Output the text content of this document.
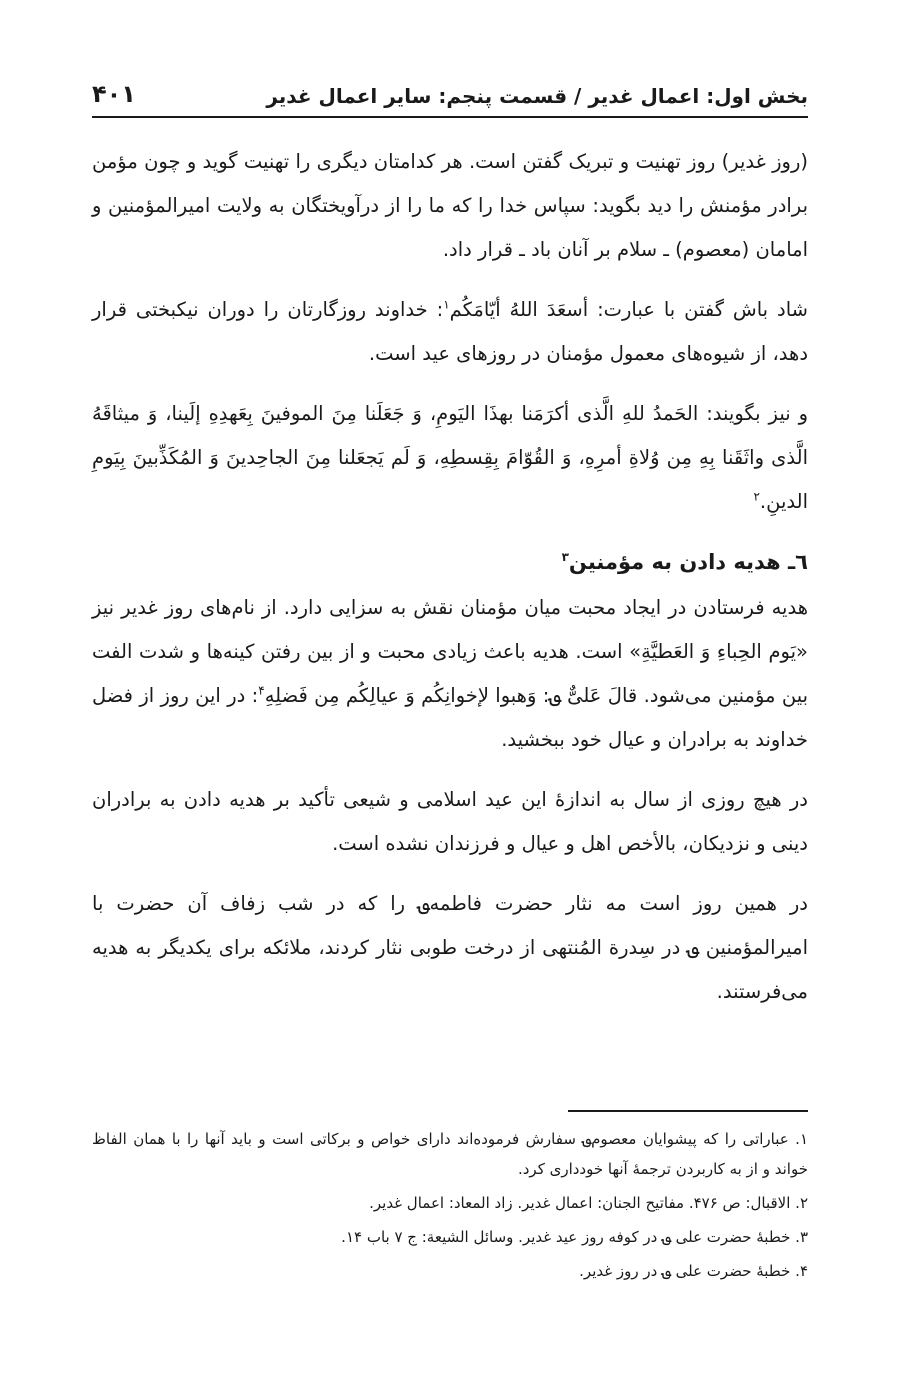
بخش اول: اعمال غدیر / قسمت پنجم: سایر اعمال غدیر
۴۰۱

(روز غدیر) روز تهنیت و تبریک گفتن است. هر کدامتان دیگری را تهنیت گوید و چون مؤمن برادر مؤمنش را دید بگوید: سپاس خدا را که ما را از درآویختگان به ولایت امیرالمؤمنین و امامان (معصوم) ـ سلام بر آنان باد ـ قرار داد.

شاد باش گفتن با عبارت: أسعَدَ اللهُ أیّامَکُم$^۱$: خداوند روزگارتان را دوران نیکبختی قرار دهد، از شیوه‌های معمول مؤمنان در روزهای عید است.

و نیز بگویند: الحَمدُ للهِ الَّذی أکرَمَنا بهذَا الیَومِ، وَ جَعَلَنا مِنَ الموفینَ بِعَهدِهِ إلَینا، وَ میثاقَهُ الَّذی واثَقَنا بِهِ مِن وُلاةِ أمرِهِ، وَ القُوّامَ بِقِسطِهِ، وَ لَم یَجعَلنا مِنَ الجاحِدینَ وَ المُکَذِّبینَ بِیَومِ الدینِ.$^۲$

٦ـ هدیه دادن به مؤمنین$^۳$

هدیه فرستادن در ایجاد محبت میان مؤمنان نقش به سزایی دارد. از نام‌های روز غدیر نیز «یَوم الحِباءِ وَ العَطیَّةِ» است. هدیه باعث زیادی محبت و از بین رفتن کینه‌ها و شدت الفت بین مؤمنین می‌شود. قالَ عَلیٌّ ؈: وَهبوا لإخوانِکُم وَ عیالِکُم مِن فَضلِهِ$^۴$: در این روز از فضل خداوند به برادران و عیال خود ببخشید.

در هیچ روزی از سال به اندازهٔ این عید اسلامی و شیعی تأکید بر هدیه دادن به برادران دینی و نزدیکان، بالأخص اهل و عیال و فرزندان نشده است.

در همین روز است مه نثار حضرت فاطمه؈ را که در شب زفاف آن حضرت با امیرالمؤمنین ؈ در سِدرة المُنتهی از درخت طوبی نثار کردند، ملائکه برای یکدیگر به هدیه می‌فرستند.

۱. عباراتی را که پیشوایان معصوم؈ سفارش فرموده‌اند دارای خواص و برکاتی است و باید آنها را با همان الفاظ خواند و از به کاربردن ترجمهٔ آنها خودداری کرد.

۲. الاقبال: ص ۴۷۶. مفاتیح الجنان: اعمال غدیر. زاد المعاد: اعمال غدیر.

۳. خطبهٔ حضرت علی ؈ در کوفه روز عید غدیر. وسائل الشیعة: ج ۷ باب ۱۴.

۴. خطبهٔ حضرت علی ؈ در روز غدیر.
